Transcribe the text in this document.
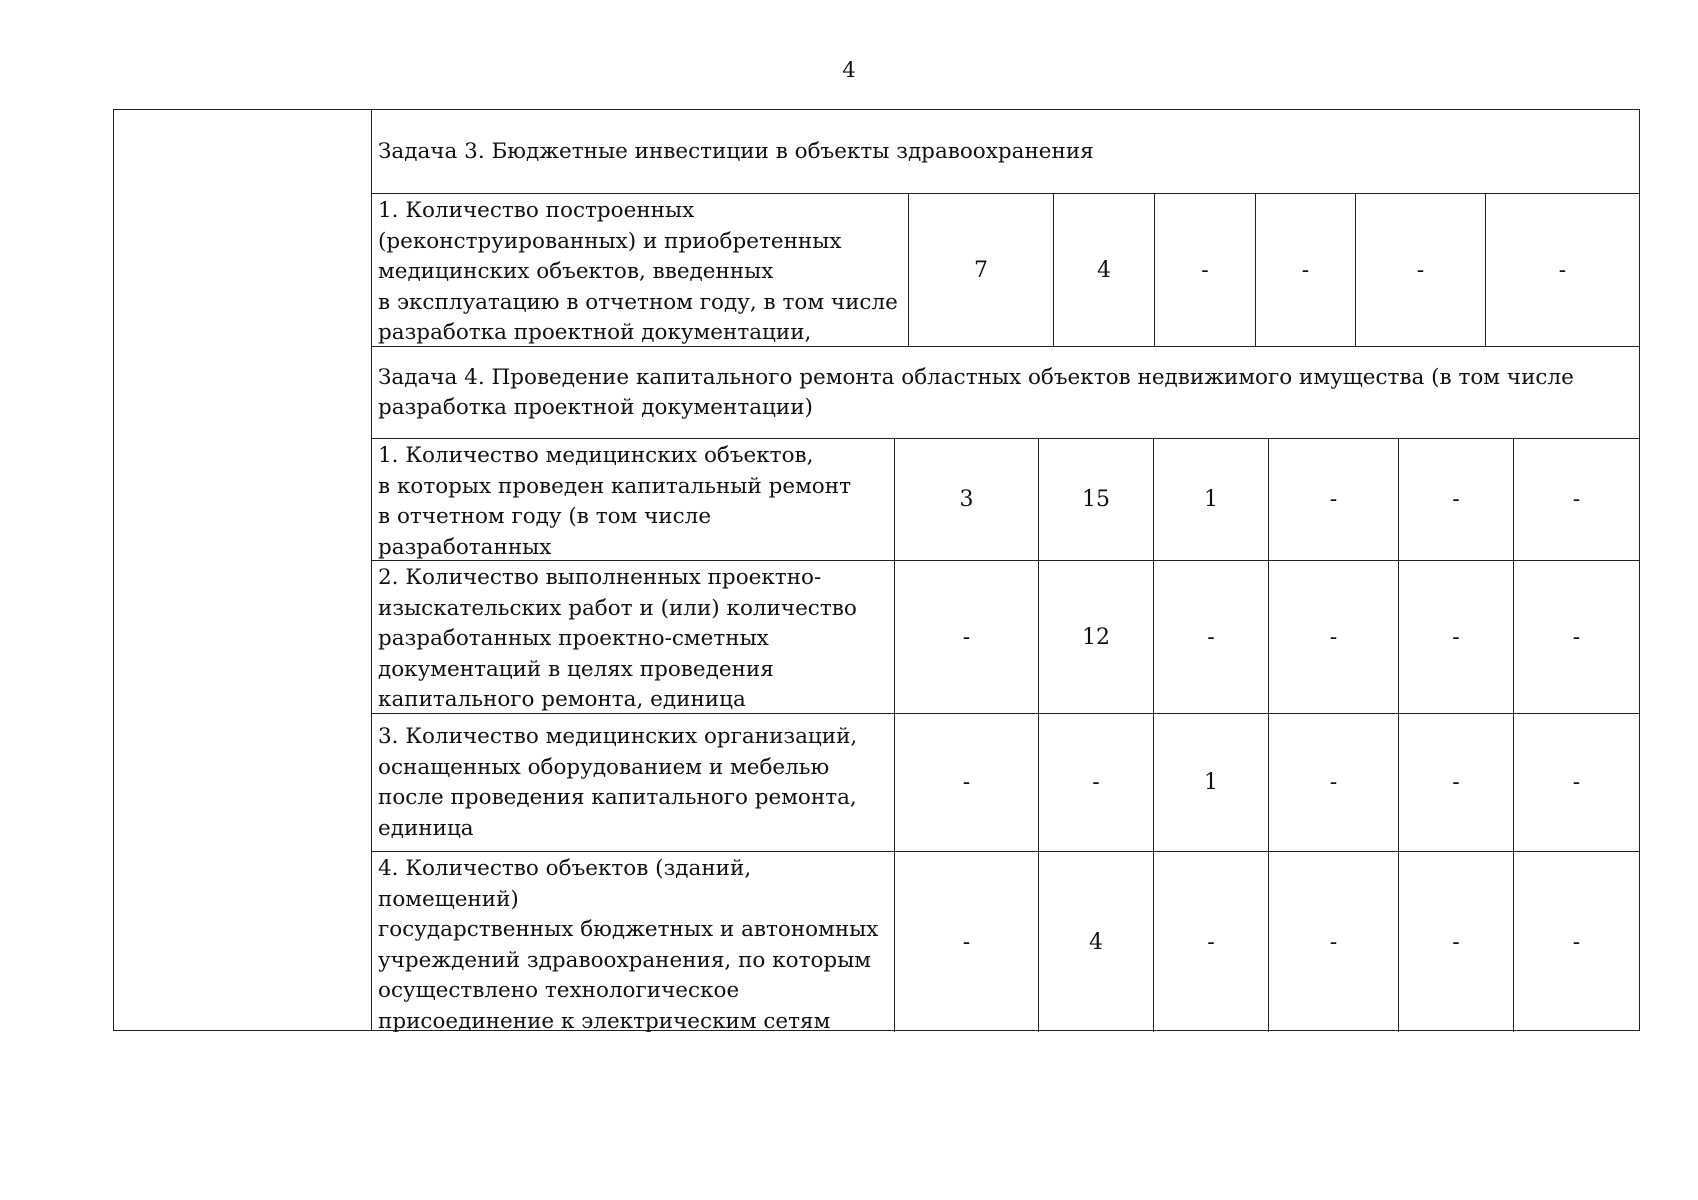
4
Задача 3. Бюджетные инвестиции в объекты здравоохранения
1. Количество построенных
(реконструированных) и приобретенных
медицинских объектов, введенных
в эксплуатацию в отчетном году, в том числе
разработка проектной документации,
7	4	-	-	-	-
Задача 4. Проведение капитального ремонта областных объектов недвижимого имущества (в том числе
разработка проектной документации)
1. Количество медицинских объектов,
в которых проведен капитальный ремонт
в отчетном году (в том числе разработанных

3	15	1	-	-	-
2. Количество выполненных проектно-
изыскательских работ и (или) количество
разработанных проектно-сметных
документаций в целях проведения
капитального ремонта, единица
-	12	-	-	-	-
3. Количество медицинских организаций,
оснащенных оборудованием и мебелью
после проведения капитального ремонта,
единица
-	-	1	-	-	-
4. Количество объектов (зданий, помещений)
государственных бюджетных и автономных
учреждений здравоохранения, по которым
осуществлено технологическое
присоединение к электрическим сетям

-	4	-	-	-	-
